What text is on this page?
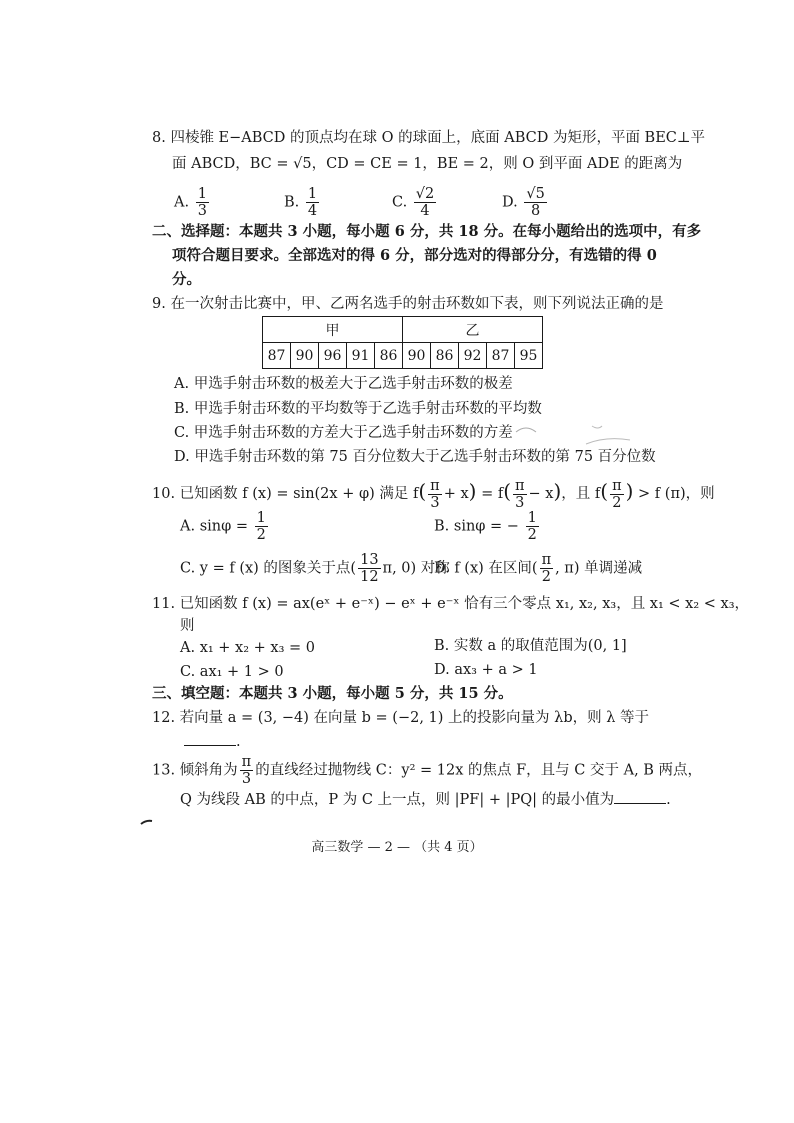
8. 四棱锥 E−ABCD 的顶点均在球 O 的球面上，底面 ABCD 为矩形，平面 BEC⊥平
面 ABCD，BC = √5，CD = CE = 1，BE = 2，则 O 到平面 ADE 的距离为
A. $\frac{1}{3}$	B. $\frac{1}{4}$	C. $\frac{√2}{4}$	D. $\frac{√5}{8}$
二、选择题：本题共 3 小题，每小题 6 分，共 18 分。在每小题给出的选项中，有多
项符合题目要求。全部选对的得 6 分，部分选对的得部分分，有选错的得 0
分。
9. 在一次射击比赛中，甲、乙两名选手的射击环数如下表，则下列说法正确的是
甲					乙				
87	90	96	91	86	90	86	92	87	95
A. 甲选手射击环数的极差大于乙选手射击环数的极差
B. 甲选手射击环数的平均数等于乙选手射击环数的平均数
C. 甲选手射击环数的方差大于乙选手射击环数的方差
D. 甲选手射击环数的第 75 百分位数大于乙选手射击环数的第 75 百分位数
10. 已知函数 f (x) = sin(2x + φ) 满足 $f( \frac{\pi}{3} + x) = f( \frac{\pi}{3} - x)$，且 $f( \frac{\pi}{2}$ ) > f (π)，则
A. $\sin\varphi = \frac{1}{2}$	B. sinφ = − $\frac{1}{2}$
C. y = f (x) 的图象关于点( $\frac{13}{12} \pi$, 0) 对称
D. f (x) 在区间( $\frac{\pi}{2}$ , π) 单调递减
11. 已知函数 f (x) = ax(eˣ + e⁻ˣ) − eˣ + e⁻ˣ 恰有三个零点 x₁, x₂, x₃，且 x₁ < x₂ < x₃，
则
A. x₁ + x₂ + x₃ = 0	B. 实数 a 的取值范围为(0, 1]
C. ax₁ + 1 > 0	D. ax₃ + a > 1
三、填空题：本题共 3 小题，每小题 5 分，共 15 分。
12. 若向量 a = (3, −4) 在向量 b = (−2, 1) 上的投影向量为 λb，则 λ 等于
.
13. 倾斜角为 $\frac{\pi}{3}$ 的直线经过抛物线 C：y² = 12x 的焦点 F，且与 C 交于 A, B 两点，
Q 为线段 AB 的中点，P 为 C 上一点，则 |PF| + |PQ| 的最小值为	.
高三数学 — 2 — （共 4 页）
